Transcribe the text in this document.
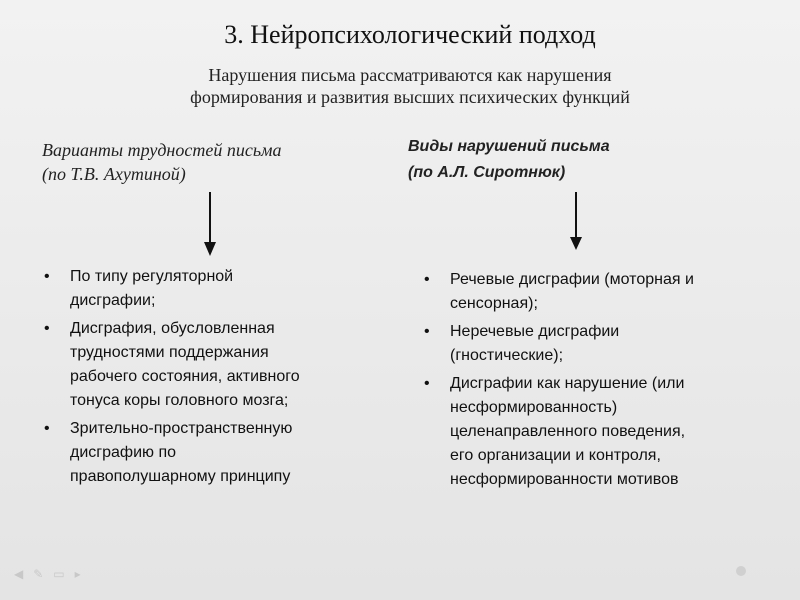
3. Нейропсихологический подход
Нарушения письма рассматриваются как нарушения
формирования и развития высших психических функций
Варианты трудностей письма
(по Т.В. Ахутиной)
Виды нарушений письма
(по А.Л. Сиротнюк)
• По типу регуляторной
дисграфии;
• Дисграфия, обусловленная
трудностями поддержания
рабочего состояния, активного
тонуса коры головного мозга;
• Зрительно-пространственную
дисграфию по
правополушарному принципу
• Речевые дисграфии (моторная и
сенсорная);
• Неречевые дисграфии
(гностические);
• Дисграфии как нарушение (или
несформированность)
целенаправленного поведения,
его организации и контроля,
несформированности мотивов
◀ ✎ ▭ ▸
